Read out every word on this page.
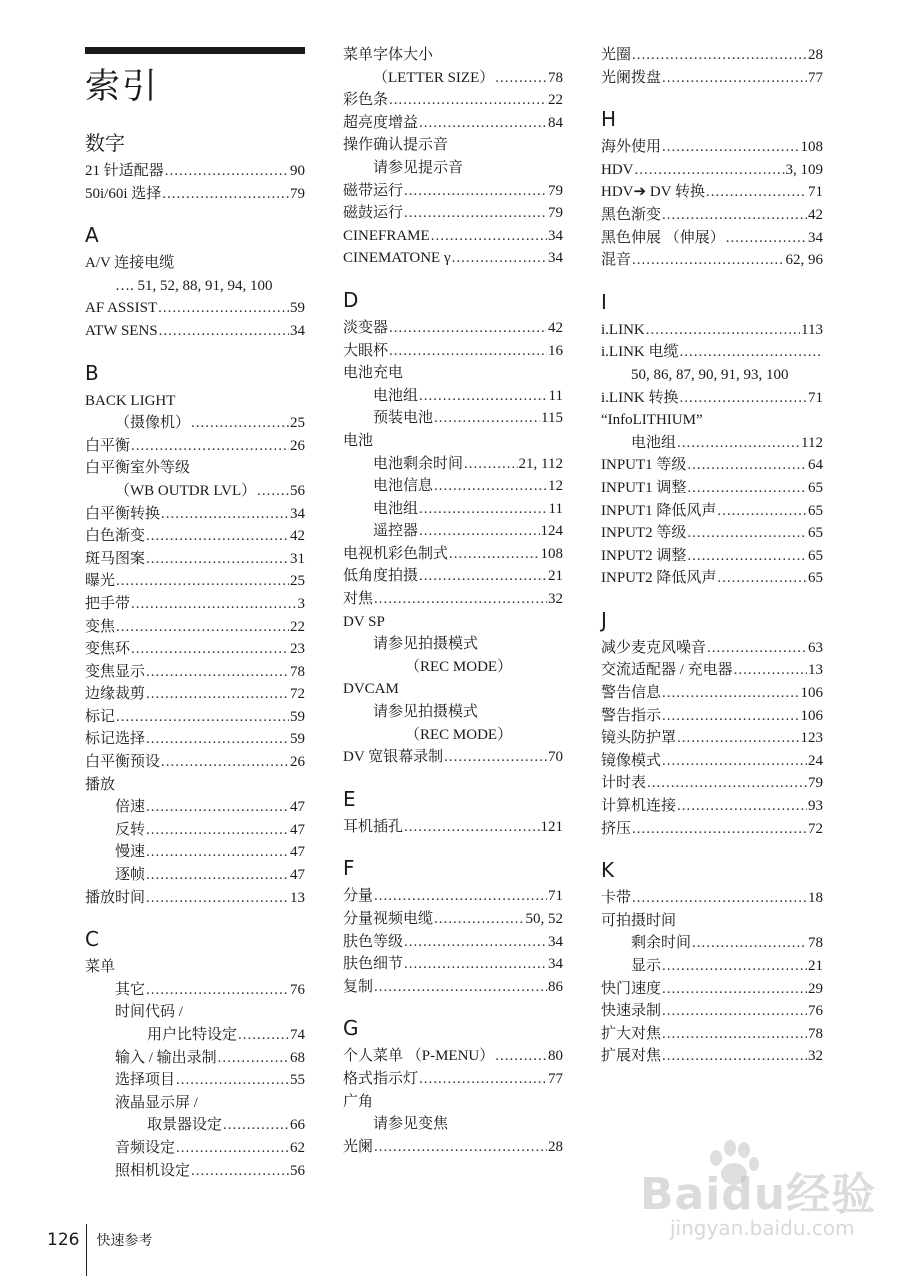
索引
数字
21 针适配器 .....	90
50i/60i 选择 .....	79
A
A/V 连接电缆
…. 51, 52, 88, 91, 94, 100
AF ASSIST .....	59
ATW SENS .....	34
B
BACK LIGHT
（摄像机） .....	25
白平衡 .....	26
白平衡室外等级
（WB OUTDR LVL） ..... 56
白平衡转换 .....	34
白色渐变 .....	42
斑马图案 .....	31
曝光 .....	25
把手带 .....	3
变焦 .....	22
变焦环 .....	23
变焦显示 .....	78
边缘裁剪 .....	72
标记 .....	59
标记选择 .....	59
白平衡预设 .....	26
播放
倍速 .....	47
反转 .....	47
慢速 .....	47
逐帧 .....	47
播放时间 .....	13
C
菜单
其它 .....	76
时间代码 /
用户比特设定 .....	74
输入 / 输出录制 .....	68
选择项目 .....	55
液晶显示屏 /
取景器设定 .....	66
音频设定 .....	62
照相机设定 .....	56
菜单字体大小
（LETTER SIZE） .....	78
彩色条 .....	22
超亮度增益 .....	84
操作确认提示音
请参见提示音
磁带运行 .....	79
磁鼓运行 .....	79
CINEFRAME .....	34
CINEMATONE γ .....	34
D
淡变器 .....	42
大眼杯 .....	16
电池充电
电池组 .....	11
预装电池 .....	115
电池
电池剩余时间 .....	21, 112
电池信息 .....	12
电池组 .....	11
遥控器 .....	124
电视机彩色制式 .....	108
低角度拍摄 .....	21
对焦 .....	32
DV SP
请参见拍摄模式
（REC MODE）
DVCAM
请参见拍摄模式
（REC MODE）
DV 宽银幕录制 .....	70
E
耳机插孔 .....	121
F
分量 .....	71
分量视频电缆 .....	50, 52
肤色等级 .....	34
肤色细节 .....	34
复制 .....	86
G
个人菜单 （P-MENU） .....	80
格式指示灯 .....	77
广角
请参见变焦
光阑 .....	28
光圈 .....	28
光阑拨盘 .....	77
H
海外使用 .....	108
HDV .....	3, 109
HDV➔ DV 转换 .....	71
黑色渐变 .....	42
黑色伸展 （伸展） .....	34
混音 .....	62, 96
I
i.LINK .....	113
i.LINK 电缆
.....
50, 86, 87, 90, 91, 93, 100
i.LINK 转换 .....	71
“InfoLITHIUM”
电池组 .....	112
INPUT1 等级 .....	64
INPUT1 调整 .....	65
INPUT1 降低风声 .....	65
INPUT2 等级 .....	65
INPUT2 调整 .....	65
INPUT2 降低风声 .....	65
J
减少麦克风噪音 .....	63
交流适配器 / 充电器 .....	13
警告信息 .....	106
警告指示 .....	106
镜头防护罩 .....	123
镜像模式 .....	24
计时表 .....	79
计算机连接 .....	93
挤压 .....	72
K
卡带 .....	18
可拍摄时间
剩余时间 .....	78
显示 .....	21
快门速度 .....	29
快速录制 .....	76
扩大对焦 .....	78
扩展对焦 .....	32
126	快速参考
Baidu经验
jingyan.baidu.com
